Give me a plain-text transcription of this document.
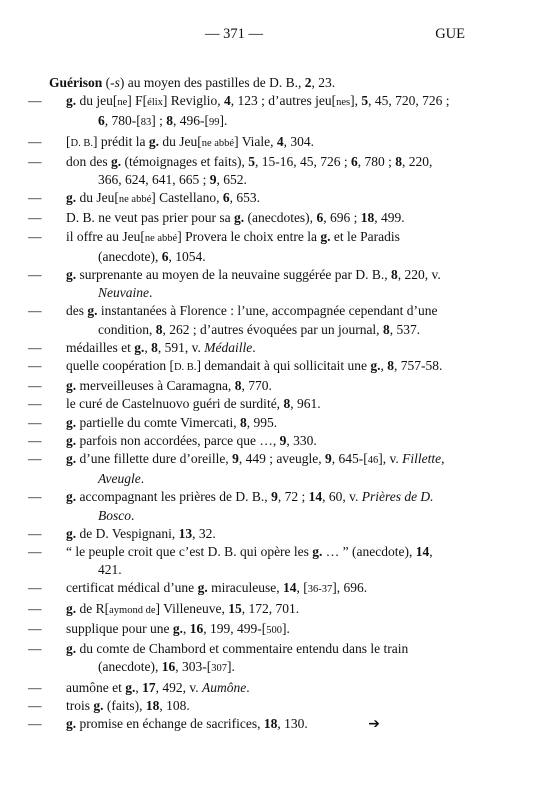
— 371 —	GUE
Guérison (-s) au moyen des pastilles de D. B., 2, 23.
— g. du jeu[ne] F[élix] Reviglio, 4, 123 ; d’autres jeu[nes], 5, 45, 720, 726 ; 6, 780-[83] ; 8, 496-[99].
— [D. B.] prédit la g. du Jeu[ne abbé] Viale, 4, 304.
— don des g. (témoignages et faits), 5, 15-16, 45, 726 ; 6, 780 ; 8, 220, 366, 624, 641, 665 ; 9, 652.
— g. du Jeu[ne abbé] Castellano, 6, 653.
— D. B. ne veut pas prier pour sa g. (anecdotes), 6, 696 ; 18, 499.
— il offre au Jeu[ne abbé] Provera le choix entre la g. et le Paradis (anecdote), 6, 1054.
— g. surprenante au moyen de la neuvaine suggérée par D. B., 8, 220, v. Neuvaine.
— des g. instantanées à Florence : l’une, accompagnée cependant d’une condition, 8, 262 ; d’autres évoquées par un journal, 8, 537.
— médailles et g., 8, 591, v. Médaille.
— quelle coopération [D. B.] demandait à qui sollicitait une g., 8, 757-58.
— g. merveilleuses à Caramagna, 8, 770.
— le curé de Castelnuovo guéri de surdité, 8, 961.
— g. partielle du comte Vimercati, 8, 995.
— g. parfois non accordées, parce que …, 9, 330.
— g. d’une fillette dure d’oreille, 9, 449 ; aveugle, 9, 645-[46], v. Fillette, Aveugle.
— g. accompagnant les prières de D. B., 9, 72 ; 14, 60, v. Prières de D. Bosco.
— g. de D. Vespignani, 13, 32.
— “ le peuple croit que c’est D. B. qui opère les g. … ” (anecdote), 14, 421.
— certificat médical d’une g. miraculeuse, 14, [36-37], 696.
— g. de R[aymond de] Villeneuve, 15, 172, 701.
— supplique pour une g., 16, 199, 499-[500].
— g. du comte de Chambord et commentaire entendu dans le train (anecdote), 16, 303-[307].
— aumône et g., 17, 492, v. Aumône.
— trois g. (faits), 18, 108.
— g. promise en échange de sacrifices, 18, 130.	➔
